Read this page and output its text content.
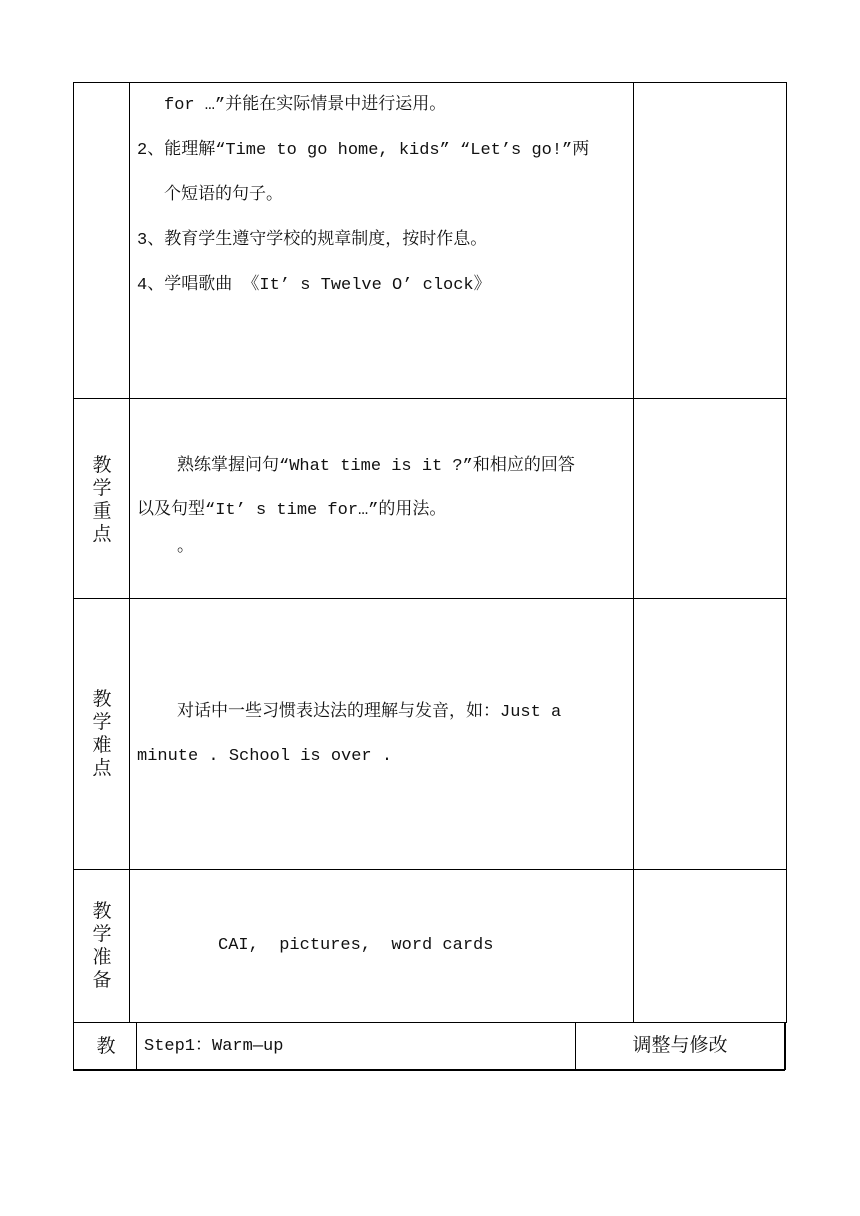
for …”并能在实际情景中进行运用。
2、能理解“Time to go home, kids” “Let’s go!”两
个短语的句子。
3、教育学生遵守学校的规章制度，按时作息。
4、学唱歌曲 《It’ s Twelve O’ clock》
教
学
重
点
熟练掌握问句“What time is it ?”和相应的回答
以及句型“It’ s time for…”的用法。
。
教
学
难
点
对话中一些习惯表达法的理解与发音，如：Just a
minute . School is over .
教
学
准
备
CAI,  pictures,  word cards
教	Step1：Warm—up	调整与修改
